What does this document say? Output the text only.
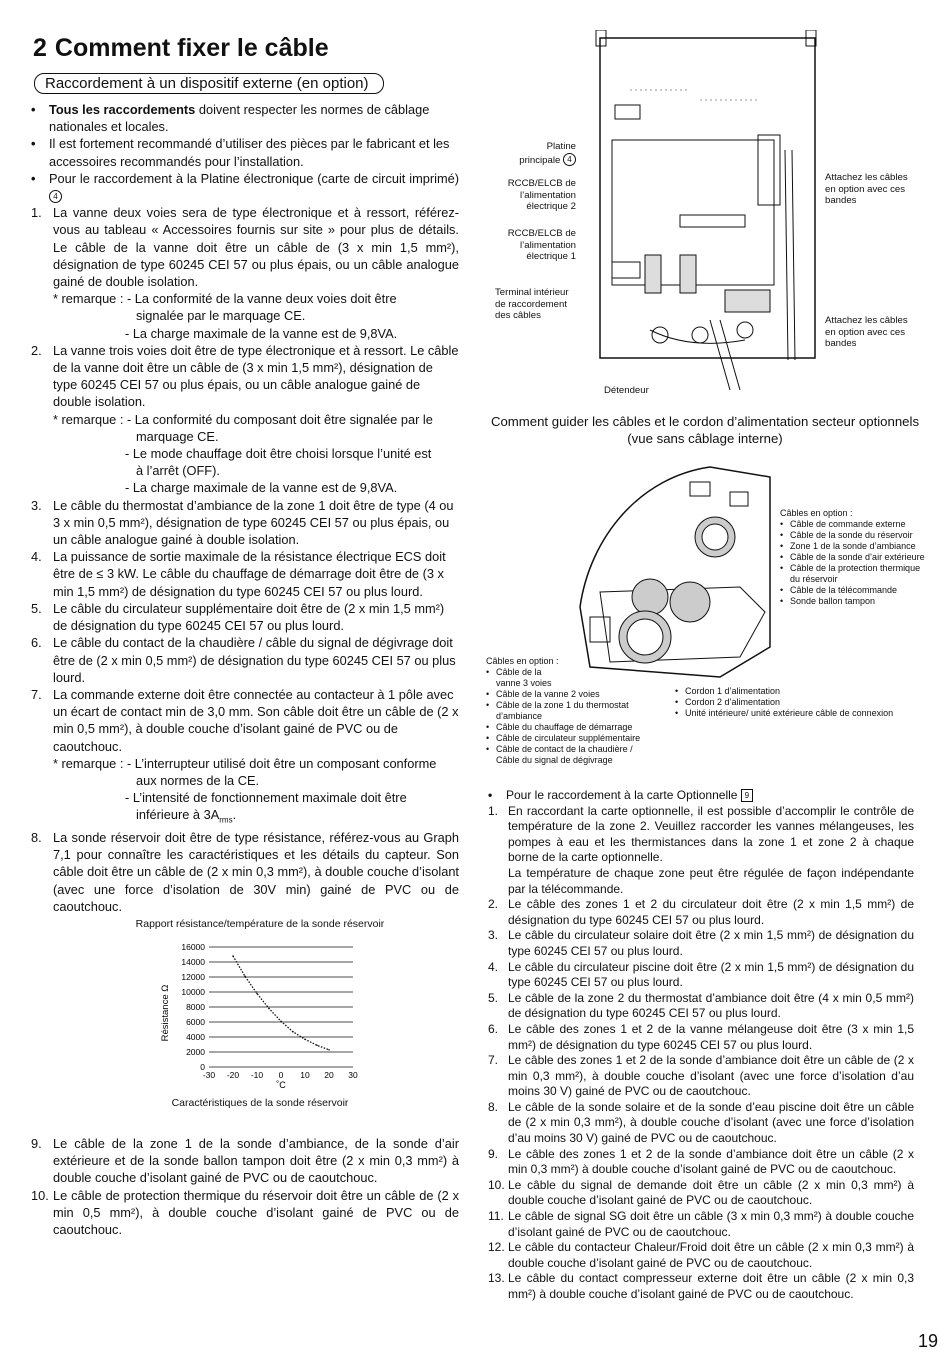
2 Comment fixer le câble
Raccordement à un dispositif externe (en option)

• Tous les raccordements doivent respecter les normes de câblage nationales et locales.

• Il est fortement recommandé d’utiliser des pièces par le fabricant et les accessoires recommandés pour l’installation.

• Pour le raccordement à la Platine électronique (carte de circuit imprimé) 4

1. La vanne deux voies sera de type électronique et à ressort, référez-vous au tableau « Accessoires fournis sur site » pour plus de détails. Le câble de la vanne doit être un câble de (3 x min 1,5 mm²), désignation de type 60245 CEI 57 ou plus épais, ou un câble analogue gainé de double isolation.
* remarque : - La conformité de la vanne deux voies doit être
signalée par le marquage CE.
- La charge maximale de la vanne est de 9,8VA.
2. La vanne trois voies doit être de type électronique et à ressort. Le câble de la vanne doit être un câble de (3 x min 1,5 mm²), désignation de type 60245 CEI 57 ou plus épais, ou un câble analogue gainé de double isolation.
* remarque : - La conformité du composant doit être signalée par le
marquage CE.
- Le mode chauffage doit être choisi lorsque l’unité est
à l’arrêt (OFF).
- La charge maximale de la vanne est de 9,8VA.
3. Le câble du thermostat d’ambiance de la zone 1 doit être de type (4 ou 3 x min 0,5 mm²), désignation de type 60245 CEI 57 ou plus épais, ou un câble analogue gainé à double isolation.
4. La puissance de sortie maximale de la résistance électrique ECS doit être de ≤ 3 kW. Le câble du chauffage de démarrage doit être de (3 x min 1,5 mm²) de désignation du type 60245 CEI 57 ou plus lourd.
5. Le câble du circulateur supplémentaire doit être de (2 x min 1,5 mm²) de désignation du type 60245 CEI 57 ou plus lourd.
6. Le câble du contact de la chaudière / câble du signal de dégivrage doit être de (2 x min 0,5 mm²) de désignation du type 60245 CEI 57 ou plus lourd.
7. La commande externe doit être connectée au contacteur à 1 pôle avec un écart de contact min de 3,0 mm. Son câble doit être un câble de (2 x min 0,5 mm²), à double couche d’isolant gainé de PVC ou de caoutchouc.
* remarque : - L’interrupteur utilisé doit être un composant conforme
aux normes de la CE.
- L’intensité de fonctionnement maximale doit être
inférieure à $3A_{rms}$.
8. La sonde réservoir doit être de type résistance, référez-vous au Graph 7,1 pour connaître les caractéristiques et les détails du capteur. Son câble doit être un câble de (2 x min 0,3 mm²), à double couche d’isolant (avec une force d’isolation de 30V min) gainé de PVC ou de caoutchouc.
Rapport résistance/température de la sonde réservoir
0
2000
4000
6000
8000
10000
12000
14000
16000
-30 -20 -10 0 10 20 30
˚C
Résistance Ω
Caractéristiques de la sonde réservoir
9. Le câble de la zone 1 de la sonde d’ambiance, de la sonde d’air extérieure et de la sonde ballon tampon doit être (2 x min 0,3 mm²) à double couche d’isolant gainé de PVC ou de caoutchouc.
10. Le câble de protection thermique du réservoir doit être un câble de (2 x min 0,5 mm²), à double couche d’isolant gainé de PVC ou de caoutchouc.
Platine principale 4
RCCB/ELCB de l’alimentation électrique 2
RCCB/ELCB de l’alimentation électrique 1
Terminal intérieur de raccordement des câbles
Détendeur
Attachez les câbles en option avec ces bandes
Attachez les câbles en option avec ces bandes
Comment guider les câbles et le cordon d’alimentation secteur optionnels (vue sans câblage interne)
Câbles en option :
• Câble de commande externe
• Câble de la sonde du réservoir
• Zone 1 de la sonde d’ambiance
• Câble de la sonde d’air extérieure
• Câble de la protection thermique du réservoir
• Câble de la télécommande
• Sonde ballon tampon
Câbles en option :
• Câble de la vanne 3 voies
• Câble de la vanne 2 voies
• Câble de la zone 1 du thermostat d’ambiance
• Câble du chauffage de démarrage
• Câble de circulateur supplémentaire
• Câble de contact de la chaudière / Câble du signal de dégivrage
• Cordon 1 d’alimentation
• Cordon 2 d’alimentation
• Unité intérieure/ unité extérieure câble de connexion

• Pour le raccordement à la carte Optionnelle 9

1. En raccordant la carte optionnelle, il est possible d’accomplir le contrôle de température de la zone 2. Veuillez raccorder les vannes mélangeuses, les pompes à eau et les thermistances dans la zone 1 et zone 2 à chaque borne de la carte optionnelle.
La température de chaque zone peut être régulée de façon indépendante par la télécommande.
2. Le câble des zones 1 et 2 du circulateur doit être (2 x min 1,5 mm²) de désignation du type 60245 CEI 57 ou plus lourd.
3. Le câble du circulateur solaire doit être (2 x min 1,5 mm²) de désignation du type 60245 CEI 57 ou plus lourd.
4. Le câble du circulateur piscine doit être (2 x min 1,5 mm²) de désignation du type 60245 CEI 57 ou plus lourd.
5. Le câble de la zone 2 du thermostat d’ambiance doit être (4 x min 0,5 mm²) de désignation du type 60245 CEI 57 ou plus lourd.
6. Le câble des zones 1 et 2 de la vanne mélangeuse doit être (3 x min 1,5 mm²) de désignation du type 60245 CEI 57 ou plus lourd.
7. Le câble des zones 1 et 2 de la sonde d’ambiance doit être un câble de (2 x min 0,3 mm²), à double couche d’isolant (avec une force d’isolation d’au moins 30 V) gainé de PVC ou de caoutchouc.
8. Le câble de la sonde solaire et de la sonde d’eau piscine doit être un câble de (2 x min 0,3 mm²), à double couche d’isolant (avec une force d’isolation d’au moins 30 V) gainé de PVC ou de caoutchouc.
9. Le câble des zones 1 et 2 de la sonde d’ambiance doit être un câble (2 x min 0,3 mm²) à double couche d’isolant gainé de PVC ou de caoutchouc.
10. Le câble du signal de demande doit être un câble (2 x min 0,3 mm²) à double couche d’isolant gainé de PVC ou de caoutchouc.
11. Le câble de signal SG doit être un câble (3 x min 0,3 mm²) à double couche d’isolant gainé de PVC ou de caoutchouc.
12. Le câble du contacteur Chaleur/Froid doit être un câble (2 x min 0,3 mm²) à double couche d’isolant gainé de PVC ou de caoutchouc.
13. Le câble du contact compresseur externe doit être un câble (2 x min 0,3 mm²) à double couche d’isolant gainé de PVC ou de caoutchouc.
19
